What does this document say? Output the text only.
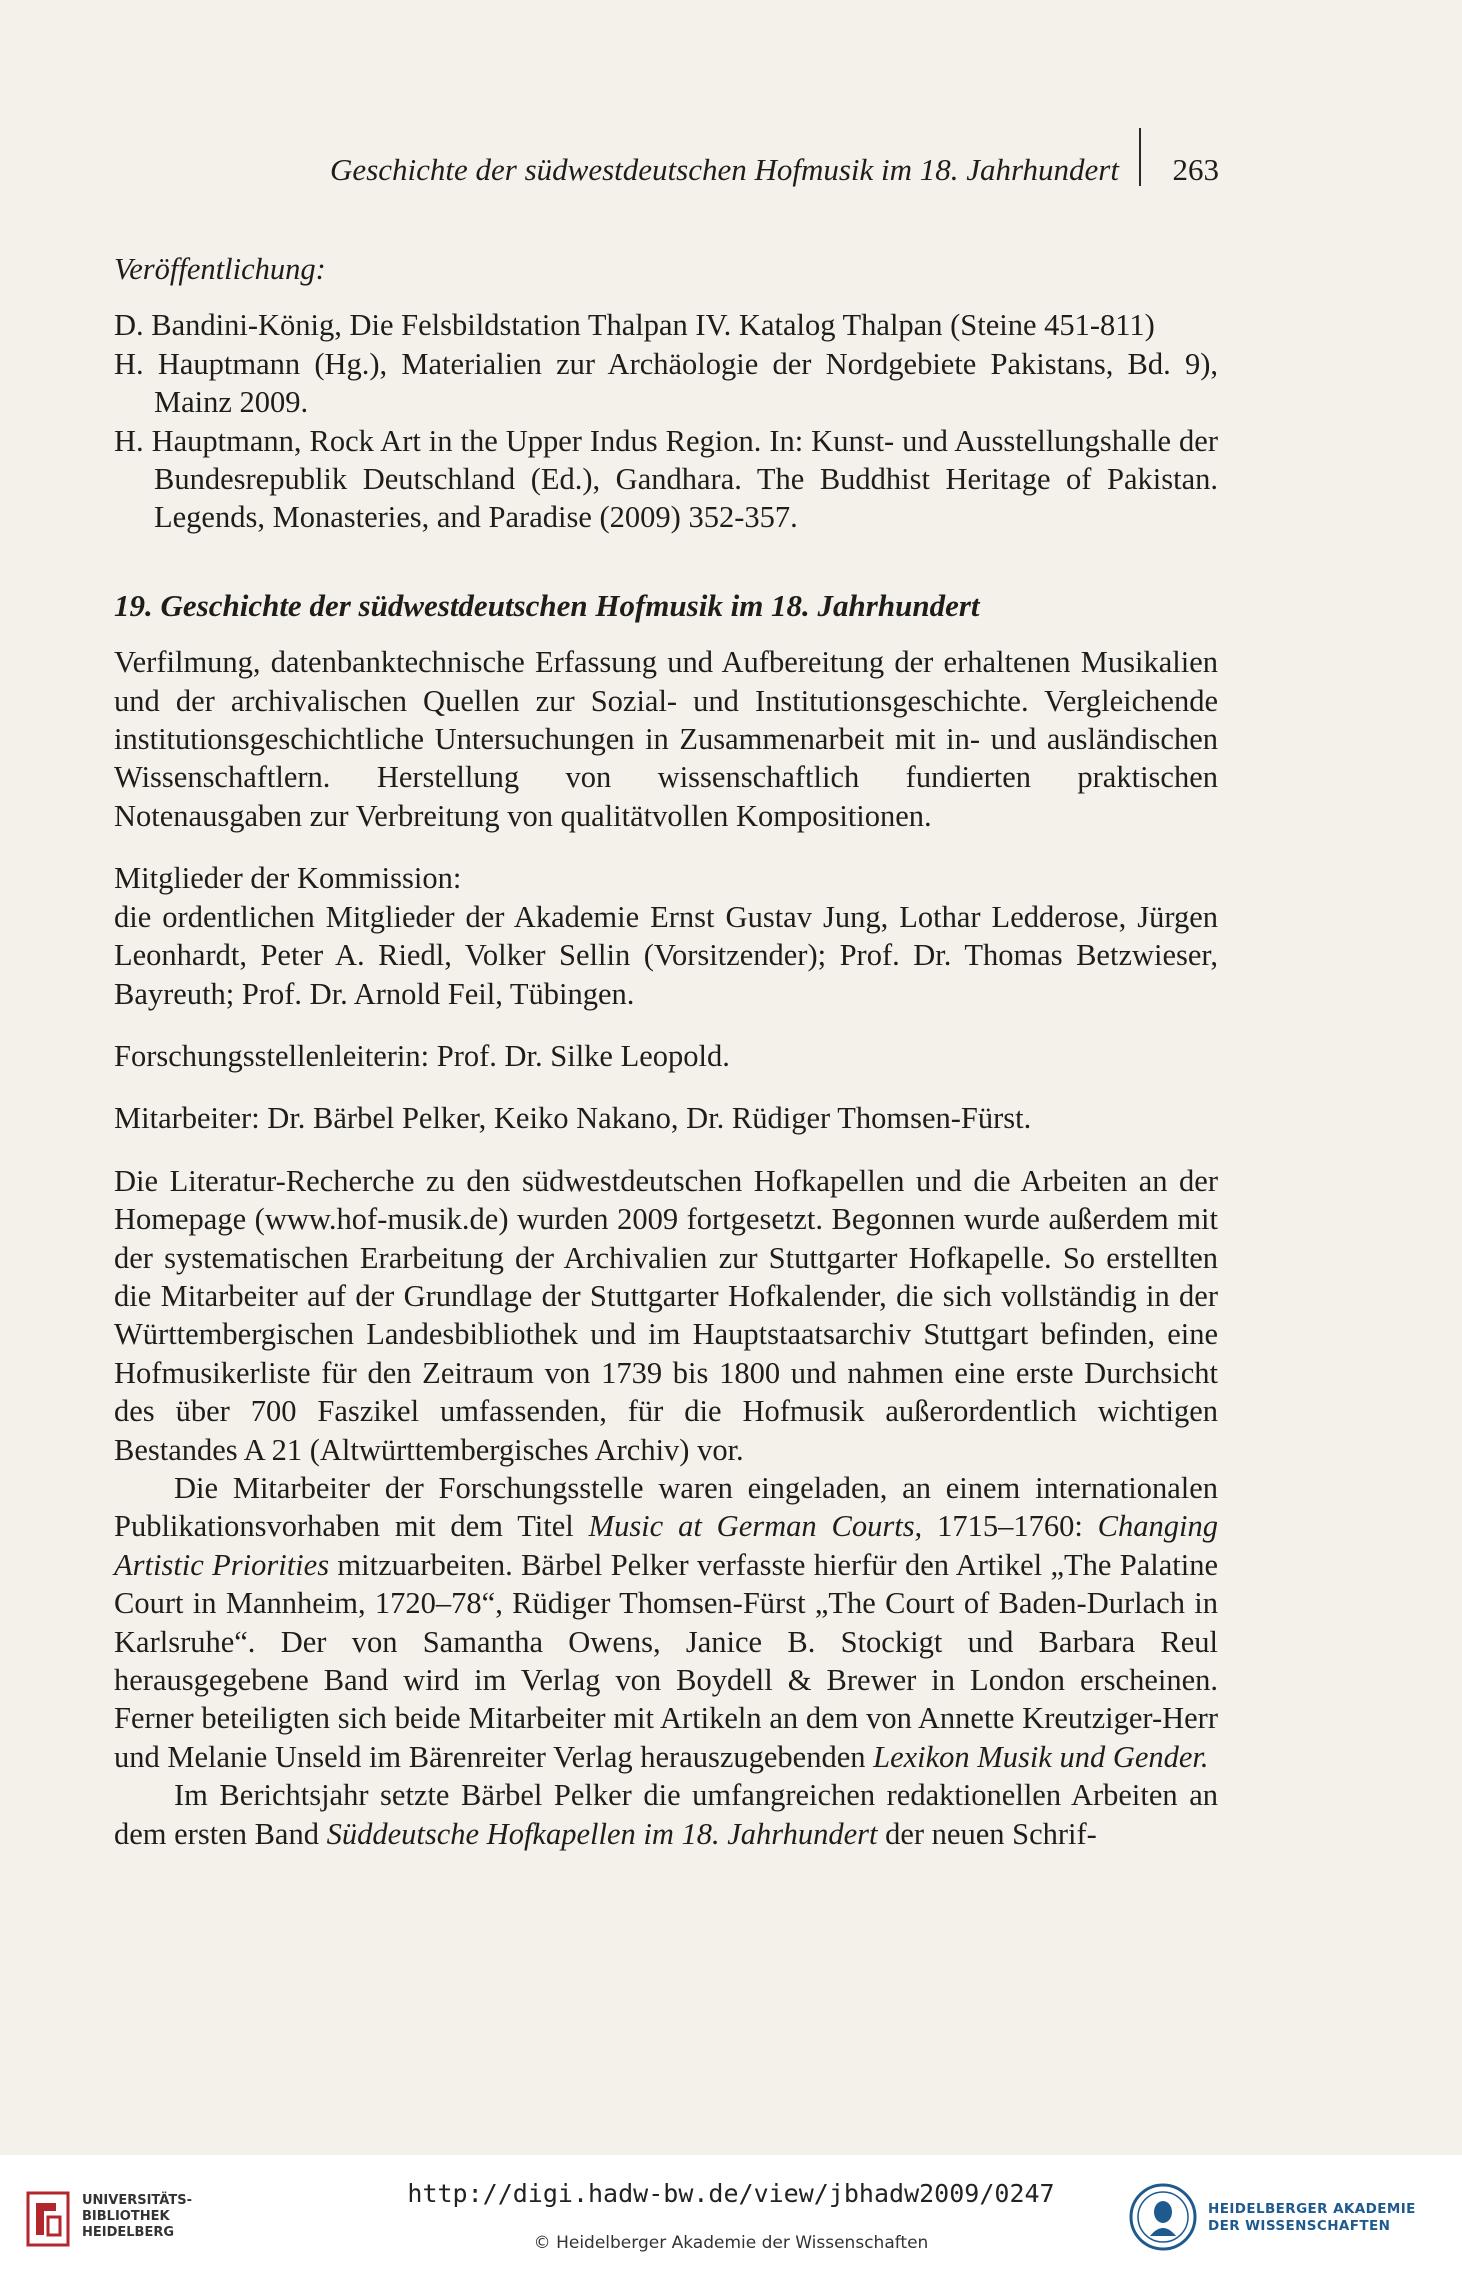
Geschichte der südwestdeutschen Hofmusik im 18. Jahrhundert 263

Veröffentlichung:

D. Bandini-König, Die Felsbildstation Thalpan IV. Katalog Thalpan (Steine 451-811)

H. Hauptmann (Hg.), Materialien zur Archäologie der Nordgebiete Pakistans, Bd. 9), Mainz 2009.

H. Hauptmann, Rock Art in the Upper Indus Region. In: Kunst- und Ausstellungshalle der Bundesrepublik Deutschland (Ed.), Gandhara. The Buddhist Heritage of Pakistan. Legends, Monasteries, and Paradise (2009) 352-357.

19. Geschichte der südwestdeutschen Hofmusik im 18. Jahrhundert

Verfilmung, datenbanktechnische Erfassung und Aufbereitung der erhaltenen Musikalien und der archivalischen Quellen zur Sozial- und Institutionsgeschichte. Vergleichende institutionsgeschichtliche Untersuchungen in Zusammenarbeit mit in- und ausländischen Wissenschaftlern. Herstellung von wissenschaftlich fundierten praktischen Notenausgaben zur Verbreitung von qualitätvollen Kompositionen.

Mitglieder der Kommission:

die ordentlichen Mitglieder der Akademie Ernst Gustav Jung, Lothar Ledderose, Jürgen Leonhardt, Peter A. Riedl, Volker Sellin (Vorsitzender); Prof. Dr. Thomas Betzwieser, Bayreuth; Prof. Dr. Arnold Feil, Tübingen.

Forschungsstellenleiterin: Prof. Dr. Silke Leopold.

Mitarbeiter: Dr. Bärbel Pelker, Keiko Nakano, Dr. Rüdiger Thomsen-Fürst.

Die Literatur-Recherche zu den südwestdeutschen Hofkapellen und die Arbeiten an der Homepage (www.hof-musik.de) wurden 2009 fortgesetzt. Begonnen wurde außerdem mit der systematischen Erarbeitung der Archivalien zur Stuttgarter Hofkapelle. So erstellten die Mitarbeiter auf der Grundlage der Stuttgarter Hofkalender, die sich vollständig in der Württembergischen Landesbibliothek und im Hauptstaatsarchiv Stuttgart befinden, eine Hofmusikerliste für den Zeitraum von 1739 bis 1800 und nahmen eine erste Durchsicht des über 700 Faszikel umfassenden, für die Hofmusik außerordentlich wichtigen Bestandes A 21 (Altwürttembergisches Archiv) vor.

Die Mitarbeiter der Forschungsstelle waren eingeladen, an einem internationalen Publikationsvorhaben mit dem Titel Music at German Courts, 1715–1760: Changing Artistic Priorities mitzuarbeiten. Bärbel Pelker verfasste hierfür den Artikel „The Palatine Court in Mannheim, 1720–78“, Rüdiger Thomsen-Fürst „The Court of Baden-Durlach in Karlsruhe“. Der von Samantha Owens, Janice B. Stockigt und Barbara Reul herausgegebene Band wird im Verlag von Boydell & Brewer in London erscheinen. Ferner beteiligten sich beide Mitarbeiter mit Artikeln an dem von Annette Kreutziger-Herr und Melanie Unseld im Bärenreiter Verlag herauszugebenden Lexikon Musik und Gender.

Im Berichtsjahr setzte Bärbel Pelker die umfangreichen redaktionellen Arbeiten an dem ersten Band Süddeutsche Hofkapellen im 18. Jahrhundert der neuen Schrif-

UNIVERSITÄTS-
BIBLIOTHEK
HEIDELBERG
http://digi.hadw-bw.de/view/jbhadw2009/0247
© Heidelberger Akademie der Wissenschaften
HEIDELBERGER AKADEMIE
DER WISSENSCHAFTEN
